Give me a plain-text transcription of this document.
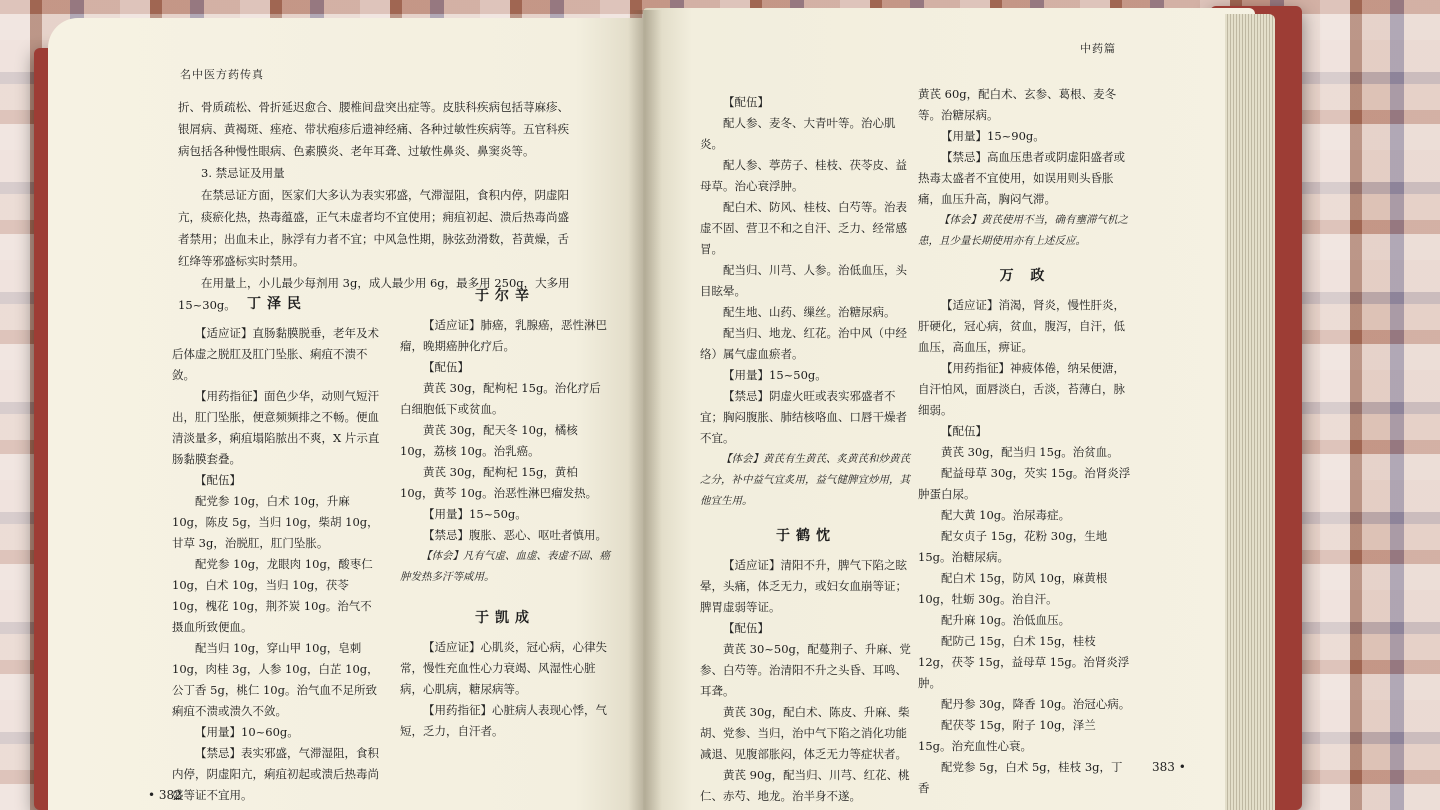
名中医方药传真

折、骨质疏松、骨折延迟愈合、腰椎间盘突出症等。皮肤科疾病包括荨麻疹、银屑病、黄褐斑、痤疮、带状疱疹后遗神经痛、各种过敏性疾病等。五官科疾病包括各种慢性眼病、色素膜炎、老年耳聋、过敏性鼻炎、鼻窦炎等。

3. 禁忌证及用量

在禁忌证方面，医家们大多认为表实邪盛，气滞湿阻，食积内停，阴虚阳亢，痰瘀化热，热毒蕴盛，正气未虚者均不宜使用；痈疽初起、溃后热毒尚盛者禁用；出血未止，脉浮有力者不宜；中风急性期，脉弦劲滑数，苔黄燥，舌红绛等邪盛标实时禁用。

在用量上，小儿最少每剂用 3g，成人最少用 6g，最多用 250g，大多用 15~30g。 丁泽民

【适应证】直肠黏膜脱垂，老年及术后体虚之脱肛及肛门坠胀、痢疽不溃不敛。

【用药指征】面色少华，动则气短汗出，肛门坠胀，便意频频排之不畅。便血清淡量多，痢疽塌陷脓出不爽，X 片示直肠黏膜套叠。

【配伍】

配党参 10g，白术 10g，升麻 10g，陈皮 5g，当归 10g，柴胡 10g，甘草 3g，治脱肛，肛门坠胀。

配党参 10g，龙眼肉 10g，酸枣仁 10g，白术 10g，当归 10g，茯苓 10g，槐花 10g，荆芥炭 10g。治气不摄血所致便血。

配当归 10g，穿山甲 10g，皂刺 10g，肉桂 3g，人参 10g，白芷 10g，公丁香 5g，桃仁 10g。治气血不足所致痢疽不溃或溃久不敛。

【用量】10~60g。

【禁忌】表实邪盛，气滞湿阻，食积内停，阴虚阳亢，痢疽初起或溃后热毒尚盛等证不宜用。

于尔辛

【适应证】肺癌，乳腺癌，恶性淋巴瘤，晚期癌肿化疗后。

【配伍】

黄芪 30g，配枸杞 15g。治化疗后白细胞低下或贫血。

黄芪 30g，配天冬 10g，橘核 10g，荔核 10g。治乳癌。

黄芪 30g，配枸杞 15g，黄柏 10g，黄芩 10g。治恶性淋巴瘤发热。

【用量】15~50g。

【禁忌】腹胀、恶心、呕吐者慎用。

【体会】凡有气虚、血虚、表虚不固、癌肿发热多汗等咸用。

于凯成

【适应证】心肌炎，冠心病，心律失常，慢性充血性心力衰竭、风湿性心脏病，心肌病，糖尿病等。

【用药指征】心脏病人表现心悸，气短，乏力，自汗者。

• 382
中药篇

【配伍】

配人参、麦冬、大青叶等。治心肌炎。

配人参、葶苈子、桂枝、茯苓皮、益母草。治心衰浮肿。

配白术、防风、桂枝、白芍等。治表虚不固、营卫不和之自汗、乏力、经常感冒。

配当归、川芎、人参。治低血压，头目眩晕。

配生地、山药、缫丝。治糖尿病。

配当归、地龙、红花。治中风（中经络）属气虚血瘀者。

【用量】15~50g。

【禁忌】阴虚火旺或表实邪盛者不宜；胸闷腹胀、肺结核咯血、口唇干燥者不宜。

【体会】黄芪有生黄芪、炙黄芪和炒黄芪之分，补中益气宜炙用，益气健脾宜炒用，其他宜生用。

于鹤忱

【适应证】清阳不升，脾气下陷之眩晕，头痛，体乏无力，或妇女血崩等证；脾胃虚弱等证。

【配伍】

黄芪 30~50g，配蔓荆子、升麻、党参、白芍等。治清阳不升之头昏、耳鸣、耳聋。

黄芪 30g，配白术、陈皮、升麻、柴胡、党参、当归，治中气下陷之消化功能减退、见腹部胀闷，体乏无力等症状者。

黄芪 90g，配当归、川芎、红花、桃仁、赤芍、地龙。治半身不遂。

黄芪 60g，配白术、玄参、葛根、麦冬等。治糖尿病。

【用量】15~90g。

【禁忌】高血压患者或阴虚阳盛者或热毒太盛者不宜使用，如误用则头昏胀痛，血压升高，胸闷气滞。

【体会】黄芪使用不当，确有壅滞气机之患，且少量长期使用亦有上述反应。

万 政

【适应证】消渴，肾炎，慢性肝炎，肝硬化，冠心病，贫血，腹泻，自汗，低血压，高血压，痹证。

【用药指征】神疲体倦，纳呆便溏，自汗怕风，面唇淡白，舌淡，苔薄白，脉细弱。

【配伍】

黄芪 30g，配当归 15g。治贫血。

配益母草 30g，芡实 15g。治肾炎浮肿蛋白尿。

配大黄 10g。治尿毒症。

配女贞子 15g，花粉 30g，生地 15g。治糖尿病。

配白术 15g，防风 10g，麻黄根 10g，牡蛎 30g。治自汗。

配升麻 10g。治低血压。

配防己 15g，白术 15g，桂枝 12g，茯苓 15g，益母草 15g。治肾炎浮肿。

配丹参 30g，降香 10g。治冠心病。

配茯苓 15g，附子 10g，泽兰 15g。治充血性心衰。

配党参 5g，白术 5g，桂枝 3g，丁香

383 •
